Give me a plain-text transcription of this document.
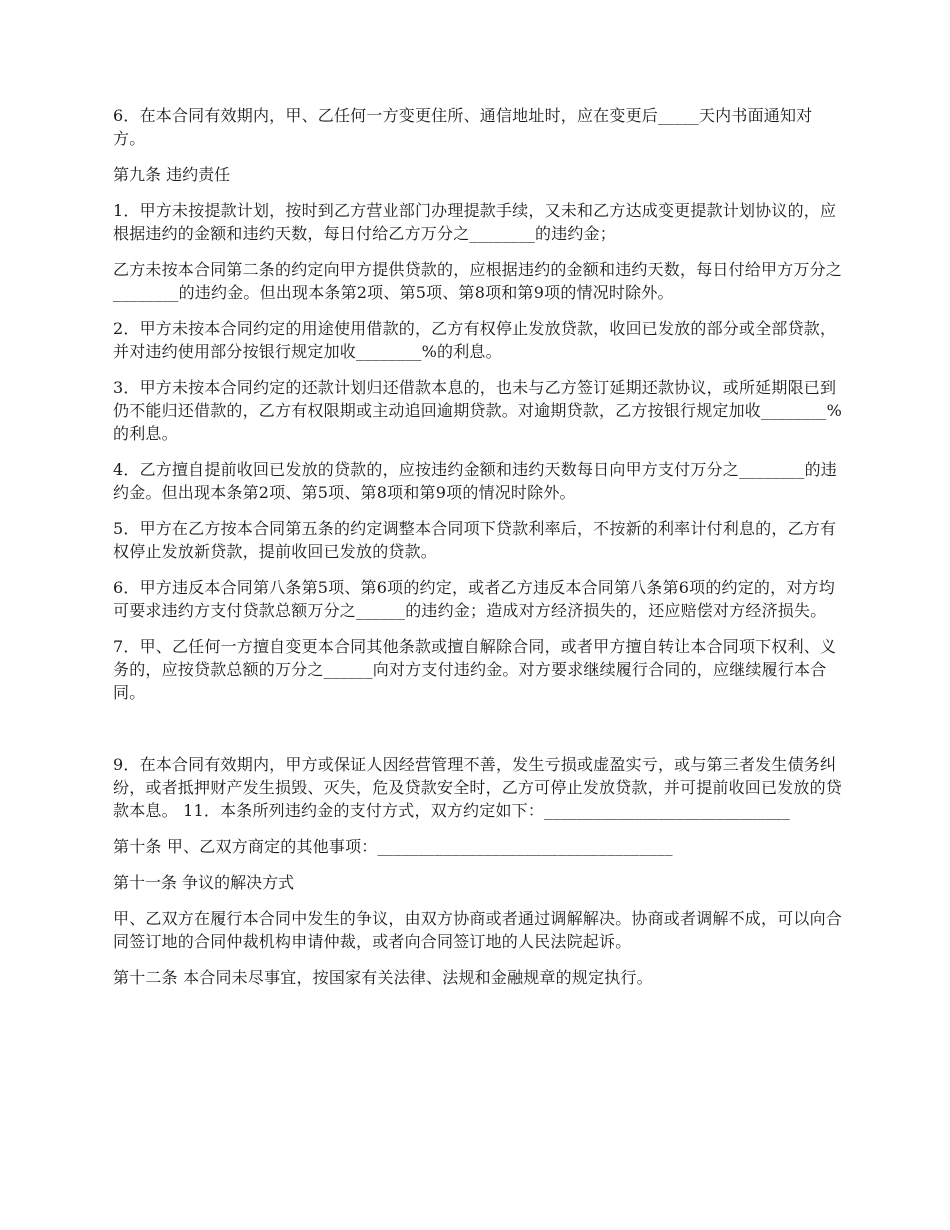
6．在本合同有效期内，甲、乙任何一方变更住所、通信地址时，应在变更后_____天内书面通知对方。

第九条 违约责任

1．甲方未按提款计划，按时到乙方营业部门办理提款手续，又未和乙方达成变更提款计划协议的，应根据违约的金额和违约天数，每日付给乙方万分之________的违约金；

乙方未按本合同第二条的约定向甲方提供贷款的，应根据违约的金额和违约天数，每日付给甲方万分之________的违约金。但出现本条第2项、第5项、第8项和第9项的情况时除外。

2．甲方未按本合同约定的用途使用借款的，乙方有权停止发放贷款，收回已发放的部分或全部贷款，并对违约使用部分按银行规定加收________%的利息。

3．甲方未按本合同约定的还款计划归还借款本息的，也未与乙方签订延期还款协议，或所延期限已到仍不能归还借款的，乙方有权限期或主动追回逾期贷款。对逾期贷款，乙方按银行规定加收________%的利息。

4．乙方擅自提前收回已发放的贷款的，应按违约金额和违约天数每日向甲方支付万分之________的违约金。但出现本条第2项、第5项、第8项和第9项的情况时除外。

5．甲方在乙方按本合同第五条的约定调整本合同项下贷款利率后，不按新的利率计付利息的，乙方有权停止发放新贷款，提前收回已发放的贷款。

6．甲方违反本合同第八条第5项、第6项的约定，或者乙方违反本合同第八条第6项的约定的，对方均可要求违约方支付贷款总额万分之______的违约金；造成对方经济损失的，还应赔偿对方经济损失。

7．甲、乙任何一方擅自变更本合同其他条款或擅自解除合同，或者甲方擅自转让本合同项下权利、义务的，应按贷款总额的万分之______向对方支付违约金。对方要求继续履行合同的，应继续履行本合同。

9．在本合同有效期内，甲方或保证人因经营管理不善，发生亏损或虚盈实亏，或与第三者发生债务纠纷，或者抵押财产发生损毁、灭失，危及贷款安全时，乙方可停止发放贷款，并可提前收回已发放的贷款本息。 11．本条所列违约金的支付方式，双方约定如下：______________________________

第十条 甲、乙双方商定的其他事项：____________________________________

第十一条 争议的解决方式

甲、乙双方在履行本合同中发生的争议，由双方协商或者通过调解解决。协商或者调解不成，可以向合同签订地的合同仲裁机构申请仲裁，或者向合同签订地的人民法院起诉。

第十二条 本合同未尽事宜，按国家有关法律、法规和金融规章的规定执行。
